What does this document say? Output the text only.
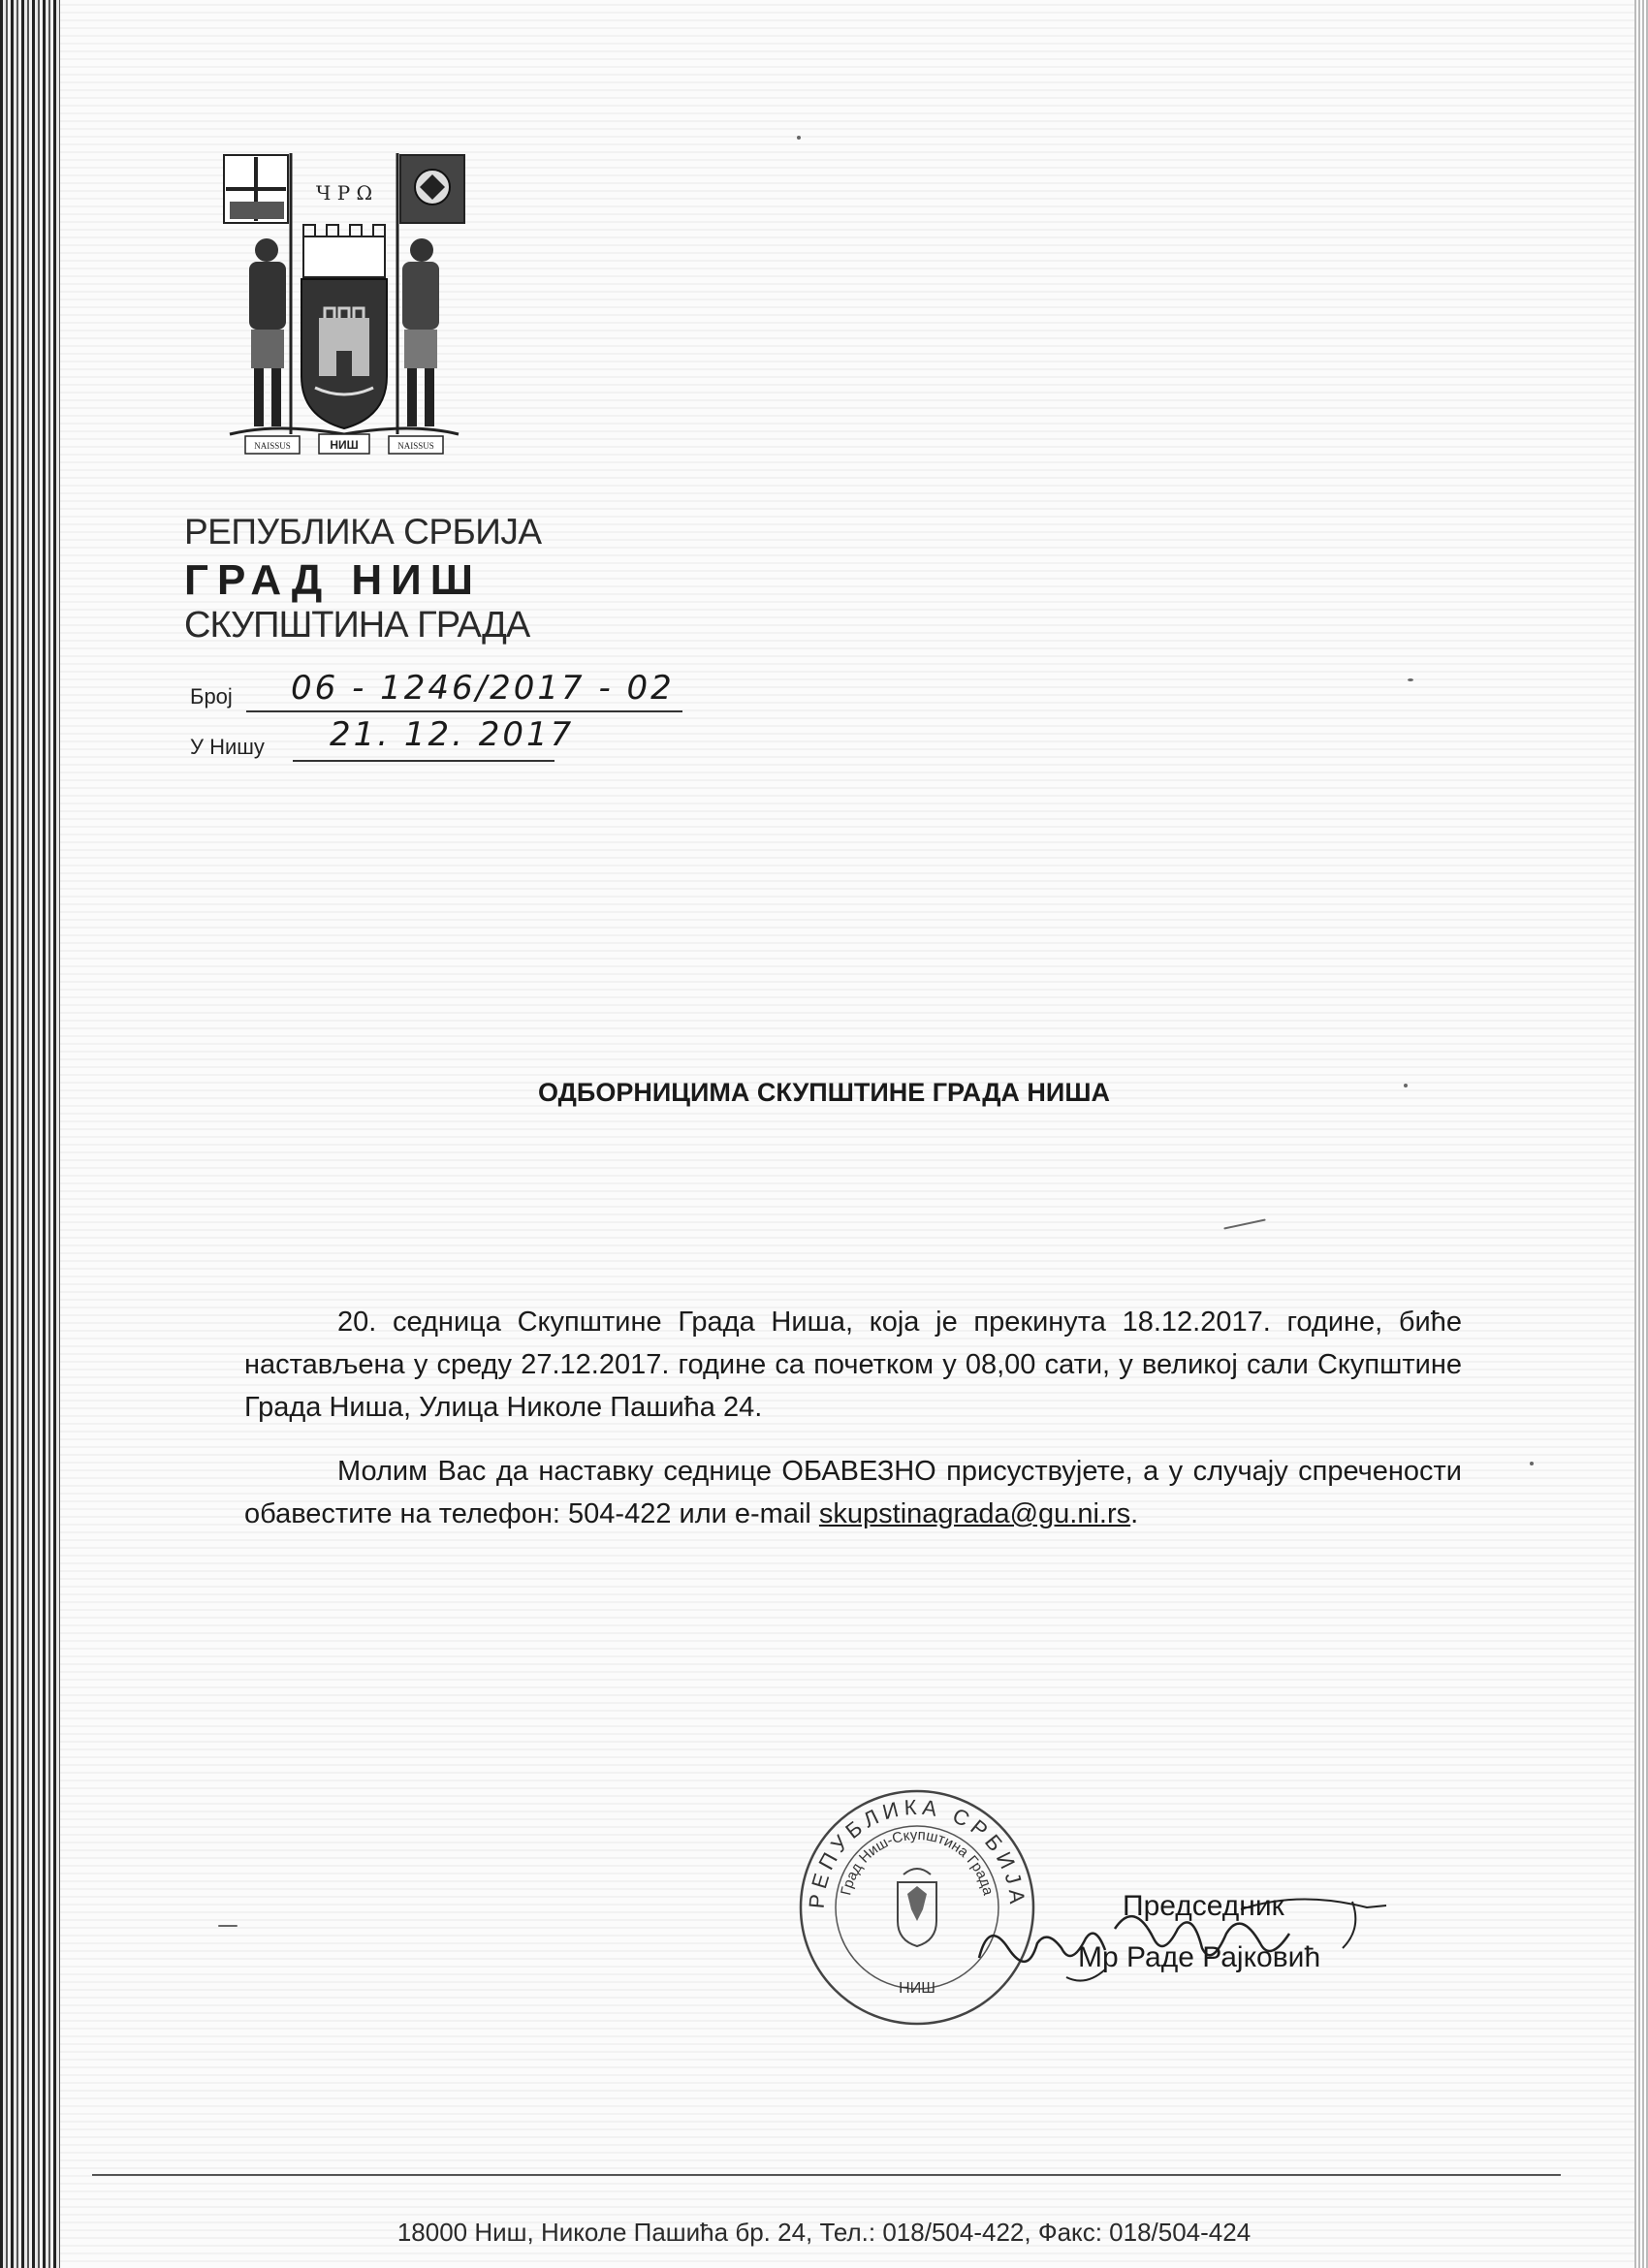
Ч Р Ω
NAISSUS	НИШ	NAISSUS
РЕПУБЛИКА СРБИЈА
ГРАД НИШ
СКУПШТИНА ГРАДА
Број 06 - 1246/2017 - 02
У Нишу 21. 12. 2017
ОДБОРНИЦИМА СКУПШТИНЕ ГРАДА НИША
20. седница Скупштине Града Ниша, која је прекинута 18.12.2017. године, биће настављена у среду 27.12.2017. године са почетком у 08,00 сати, у великој сали Скупштине Града Ниша, Улица Николе Пашића 24.
Молим Вас да наставку седнице ОБАВЕЗНО присуствујете, а у случају спречености обавестите на телефон: 504-422 или e-mail skupstinagrada@gu.ni.rs.
РЕПУБЛИКА СРБИЈА
Град Ниш-Скупштина Града
НИШ
Председник
Мр Раде Рајковић
18000 Ниш, Николе Пашића бр. 24, Тел.: 018/504-422, Факс: 018/504-424
